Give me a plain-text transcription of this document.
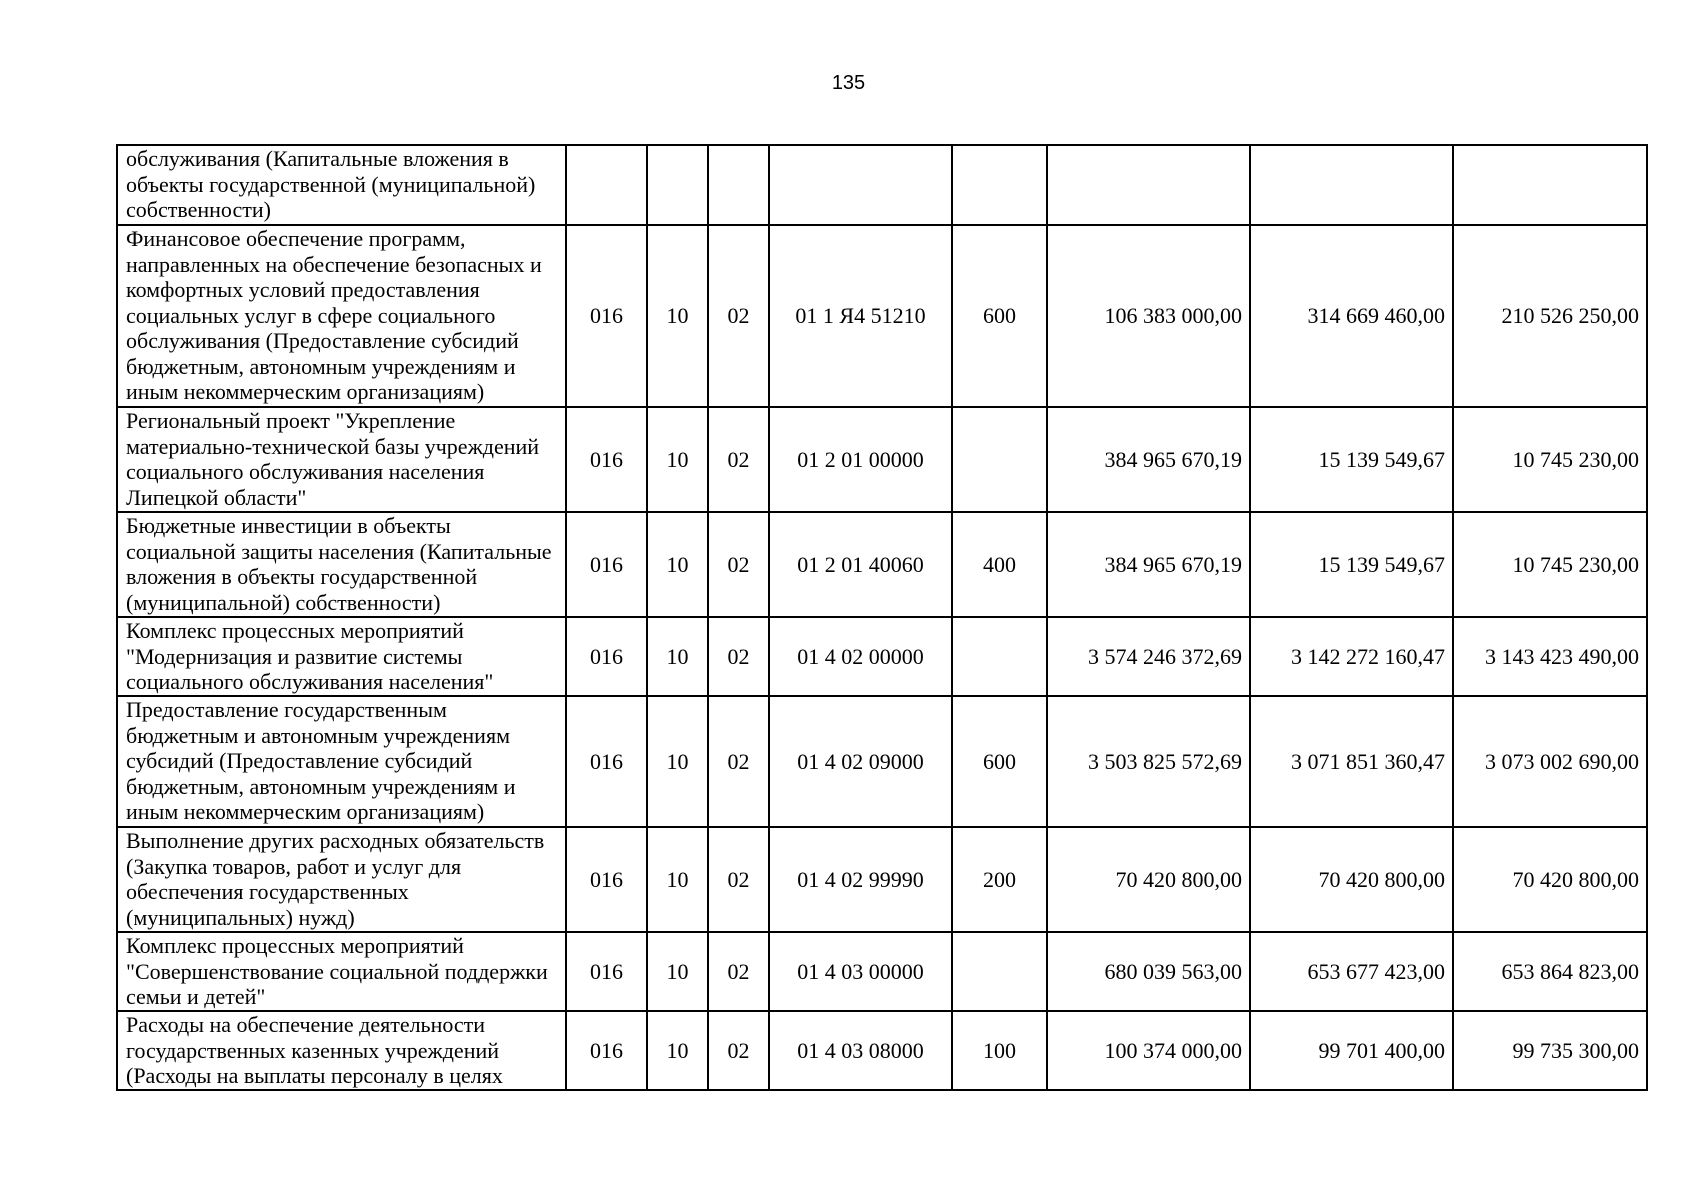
135
обслуживания (Капитальные вложения в объекты государственной (муниципальной) собственности)								
Финансовое обеспечение программ, направленных на обеспечение безопасных и комфортных условий предоставления социальных услуг в сфере социального обслуживания (Предоставление субсидий бюджетным, автономным учреждениям и иным некоммерческим организациям)	016	10	02	01 1 Я4 51210	600	106 383 000,00	314 669 460,00	210 526 250,00
Региональный проект "Укрепление материально-технической базы учреждений социального обслуживания населения Липецкой области"	016	10	02	01 2 01 00000		384 965 670,19	15 139 549,67	10 745 230,00
Бюджетные инвестиции в объекты социальной защиты населения (Капитальные вложения в объекты государственной (муниципальной) собственности)	016	10	02	01 2 01 40060	400	384 965 670,19	15 139 549,67	10 745 230,00
Комплекс процессных мероприятий "Модернизация и развитие системы социального обслуживания населения"	016	10	02	01 4 02 00000		3 574 246 372,69	3 142 272 160,47	3 143 423 490,00
Предоставление государственным бюджетным и автономным учреждениям субсидий (Предоставление субсидий бюджетным, автономным учреждениям и иным некоммерческим организациям)	016	10	02	01 4 02 09000	600	3 503 825 572,69	3 071 851 360,47	3 073 002 690,00
Выполнение других расходных обязательств (Закупка товаров, работ и услуг для обеспечения государственных (муниципальных) нужд)	016	10	02	01 4 02 99990	200	70 420 800,00	70 420 800,00	70 420 800,00
Комплекс процессных мероприятий "Совершенствование социальной поддержки семьи и детей"	016	10	02	01 4 03 00000		680 039 563,00	653 677 423,00	653 864 823,00
Расходы на обеспечение деятельности государственных казенных учреждений (Расходы на выплаты персоналу в целях	016	10	02	01 4 03 08000	100	100 374 000,00	99 701 400,00	99 735 300,00
